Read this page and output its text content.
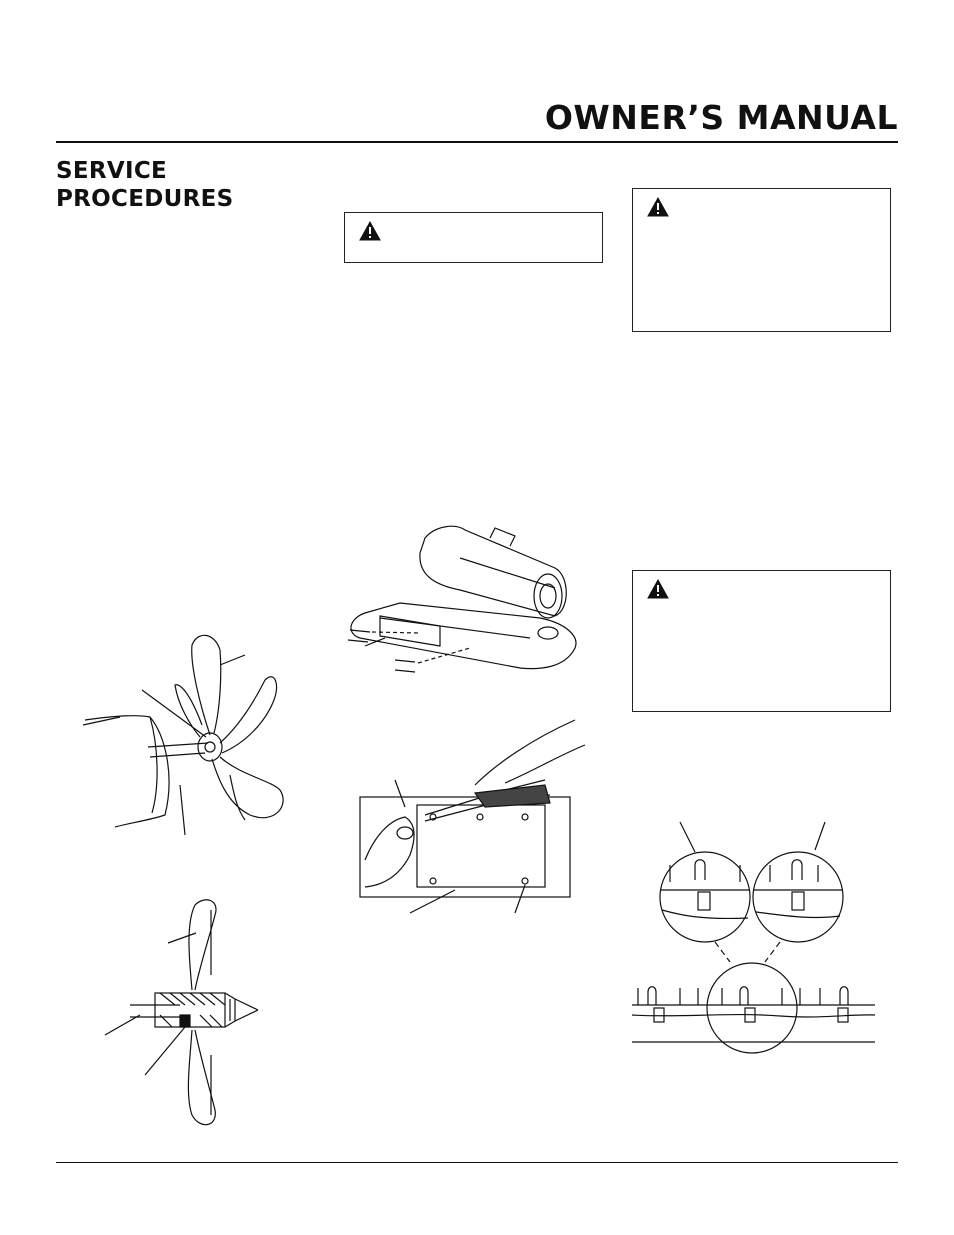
OWNER’S MANUAL
SERVICE
PROCEDURES
